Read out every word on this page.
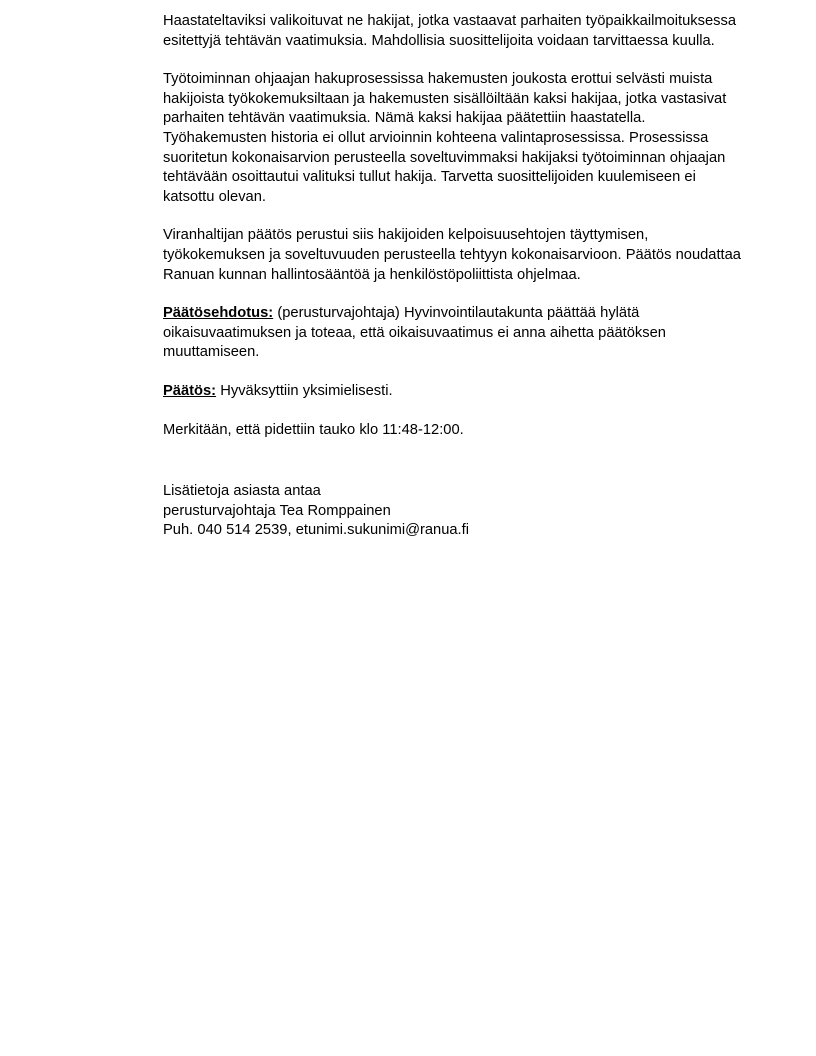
Haastateltaviksi valikoituvat ne hakijat, jotka vastaavat parhaiten työpaikkailmoituksessa esitettyjä tehtävän vaatimuksia. Mahdollisia suosittelijoita voidaan tarvittaessa kuulla.

Työtoiminnan ohjaajan hakuprosessissa hakemusten joukosta erottui selvästi muista hakijoista työkokemuksiltaan ja hakemusten sisällöiltään kaksi hakijaa, jotka vastasivat parhaiten tehtävän vaatimuksia. Nämä kaksi hakijaa päätettiin haastatella. Työhakemusten historia ei ollut arvioinnin kohteena valintaprosessissa. Prosessissa suoritetun kokonaisarvion perusteella soveltuvimmaksi hakijaksi työtoiminnan ohjaajan tehtävään osoittautui valituksi tullut hakija. Tarvetta suosittelijoiden kuulemiseen ei katsottu olevan.

Viranhaltijan päätös perustui siis hakijoiden kelpoisuusehtojen täyttymisen, työkokemuksen ja soveltuvuuden perusteella tehtyyn kokonaisarvioon. Päätös noudattaa Ranuan kunnan hallintosääntöä ja henkilöstöpoliittista ohjelmaa.

Päätösehdotus: (perusturvajohtaja) Hyvinvointilautakunta päättää hylätä oikaisuvaatimuksen ja toteaa, että oikaisuvaatimus ei anna aihetta päätöksen muuttamiseen.

Päätös: Hyväksyttiin yksimielisesti.

Merkitään, että pidettiin tauko klo 11:48-12:00.

Lisätietoja asiasta antaa

perusturvajohtaja Tea Romppainen

Puh. 040 514 2539, etunimi.sukunimi@ranua.fi
